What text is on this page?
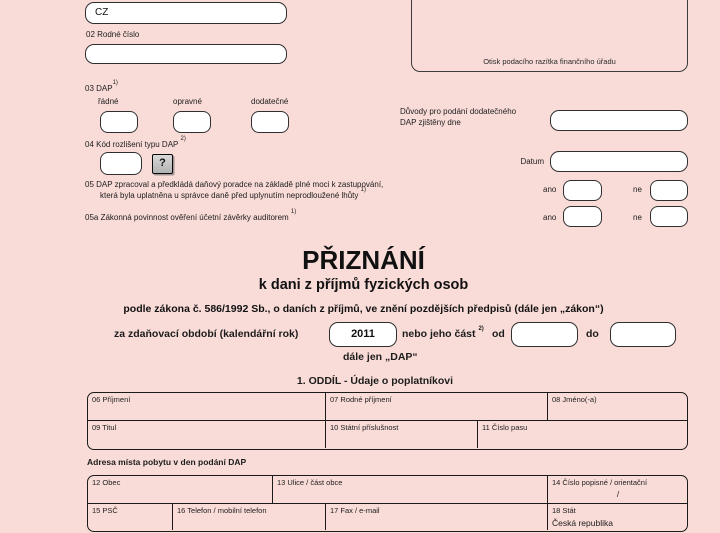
CZ
02 Rodné číslo
Otisk podacího razítka finančního úřadu
03 DAP$^{1)}$
řádné	opravné	dodatečné
04 Kód rozlišení typu DAP $^{2)}$
?
Důvody pro podání dodatečného
DAP zjištěny dne
Datum
05 DAP zpracoval a předkládá daňový poradce na základě plné moci k zastupování,
která byla uplatněna u správce daně před uplynutím neprodloužené lhůty $^{1)}$	ano	ne
05a Zákonná povinnost ověření účetní závěrky auditorem $^{1)}$
ano	ne
PŘIZNÁNÍ
k dani z příjmů fyzických osob
podle zákona č. 586/1992 Sb., o daních z příjmů, ve znění pozdějších předpisů (dále jen „zákon“)
za zdaňovací období (kalendářní rok)	2011	nebo jeho část $^{2)}$ od	do
dále jen „DAP“
1. ODDÍL - Údaje o poplatníkovi
06 Příjmení	07 Rodné příjmení	08 Jméno(-a)
09 Titul	10 Státní příslušnost	11 Číslo pasu
Adresa místa pobytu v den podání DAP
12 Obec	13 Ulice / část obce	14 Číslo popisné / orientační
/
15 PSČ	16 Telefon / mobilní telefon	17 Fax / e-mail	18 Stát
Česká republika
